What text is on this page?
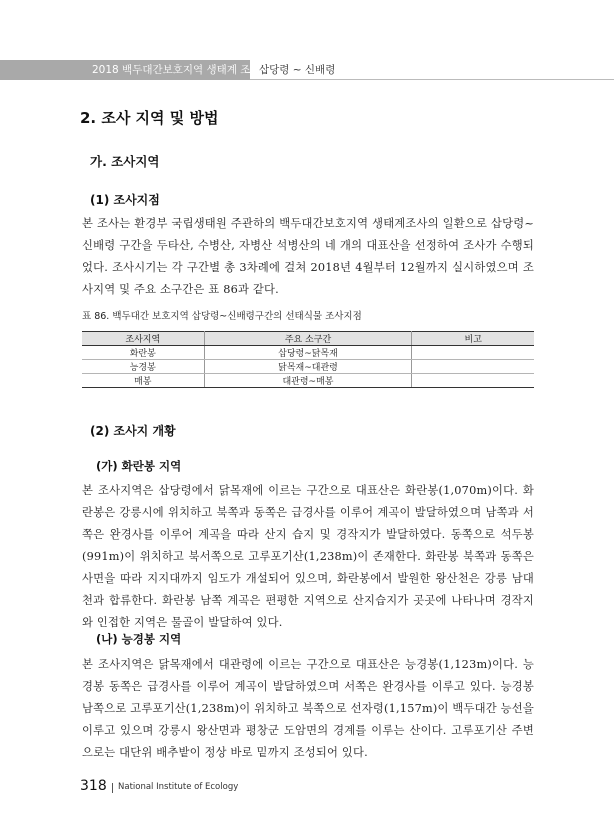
2018 백두대간보호지역 생태계 조사
삽당령 ~ 신배령
2. 조사 지역 및 방법
가. 조사지역
(1) 조사지점

본 조사는 환경부 국립생태원 주관하의 백두대간보호지역 생태계조사의 일환으로 삽당령~신배령 구간을 두타산, 수병산, 자병산 석병산의 네 개의 대표산을 선정하여 조사가 수행되었다. 조사시기는 각 구간별 총 3차례에 걸쳐 2018년 4월부터 12월까지 실시하였으며 조사지역 및 주요 소구간은 표 86과 같다.

표 86. 백두대간 보호지역 삽당령~신배령구간의 선태식물 조사지점
조사지역	주요 소구간	비고
화란봉	삽당령~닭목재	
능경봉	닭목재~대관령	
매봉	대관령~매봉	
(2) 조사지 개황
(가) 화란봉 지역

본 조사지역은 삽당령에서 닭목재에 이르는 구간으로 대표산은 화란봉(1,070m)이다. 화란봉은 강릉시에 위치하고 북쪽과 동쪽은 급경사를 이루어 계곡이 발달하였으며 남쪽과 서쪽은 완경사를 이루어 계곡을 따라 산지 습지 및 경작지가 발달하였다. 동쪽으로 석두봉(991m)이 위치하고 북서쪽으로 고루포기산(1,238m)이 존재한다. 화란봉 북쪽과 동쪽은 사면을 따라 지지대까지 임도가 개설되어 있으며, 화란봉에서 발원한 왕산천은 강릉 남대천과 합류한다. 화란봉 남쪽 계곡은 편평한 지역으로 산지습지가 곳곳에 나타나며 경작지와 인접한 지역은 물골이 발달하여 있다.

(나) 능경봉 지역

본 조사지역은 닭목재에서 대관령에 이르는 구간으로 대표산은 능경봉(1,123m)이다. 능경봉 동쪽은 급경사를 이루어 계곡이 발달하였으며 서쪽은 완경사를 이루고 있다. 능경봉 남쪽으로 고루포기산(1,238m)이 위치하고 북쪽으로 선자령(1,157m)이 백두대간 능선을 이루고 있으며 강릉시 왕산면과 평창군 도암면의 경계를 이루는 산이다. 고루포기산 주변으로는 대단위 배추밭이 정상 바로 밑까지 조성되어 있다.

318 National Institute of Ecology
